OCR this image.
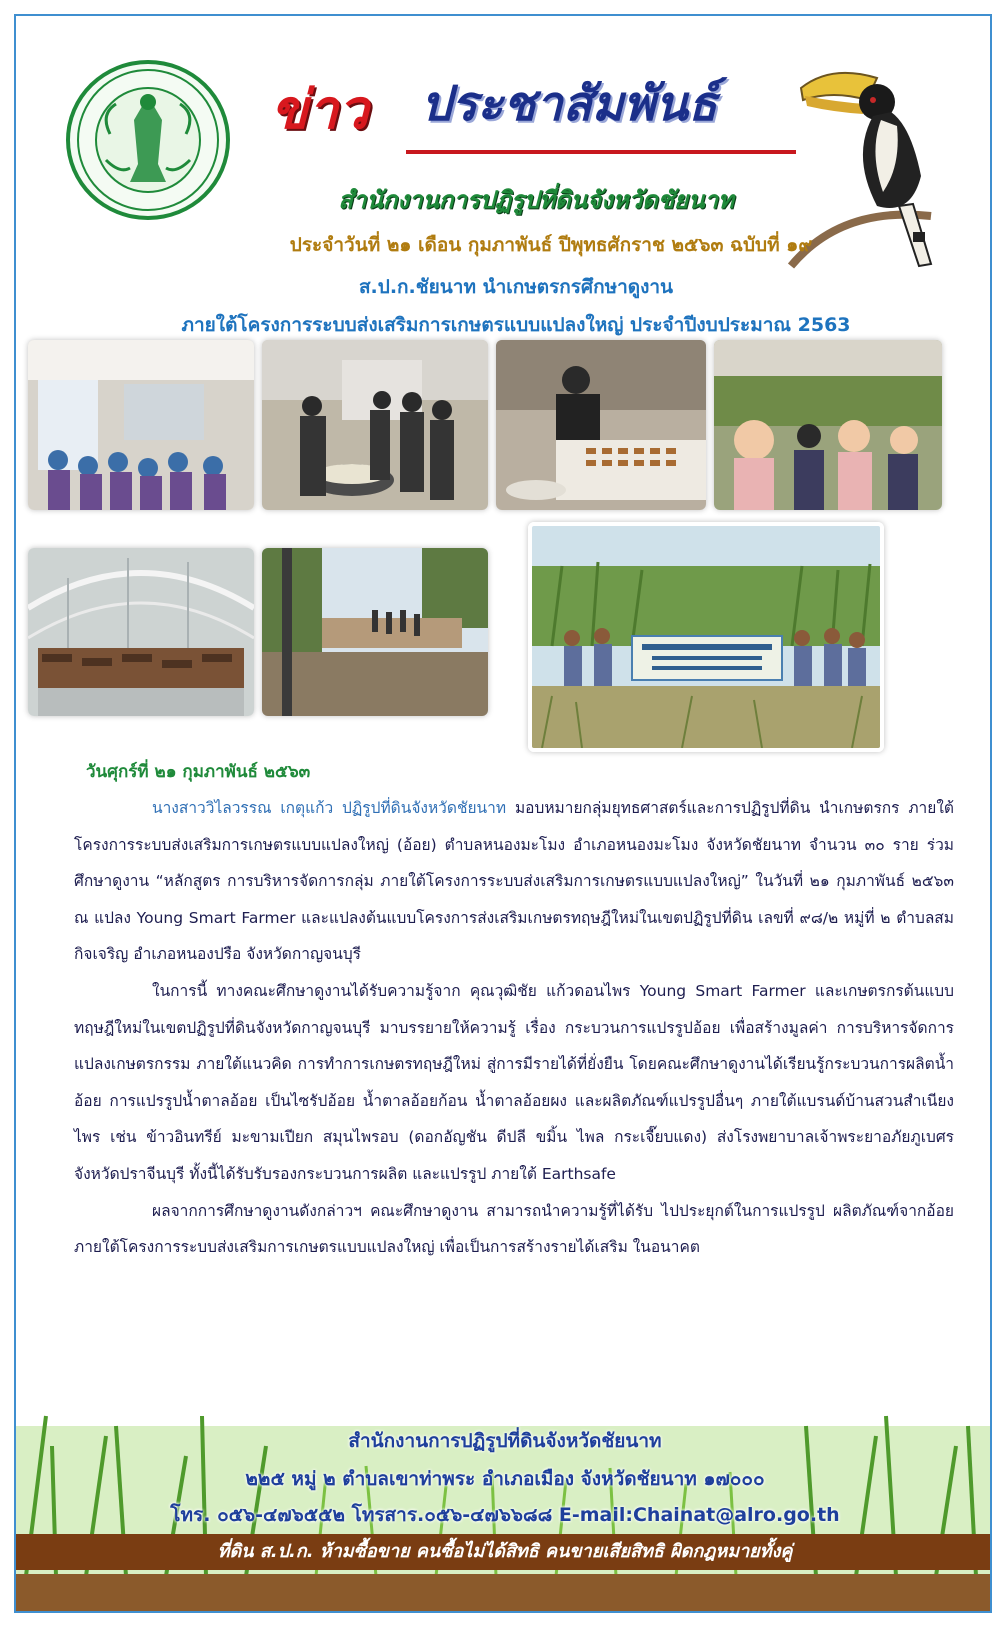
ข่าว ประชาสัมพันธ์
สำนักงานการปฏิรูปที่ดินจังหวัดชัยนาท
ประจำวันที่ ๒๑ เดือน กุมภาพันธ์ ปีพุทธศักราช ๒๕๖๓ ฉบับที่ ๑๙
ส.ป.ก.ชัยนาท นำเกษตรกรศึกษาดูงาน
ภายใต้โครงการระบบส่งเสริมการเกษตรแบบแปลงใหญ่ ประจำปีงบประมาณ 2563
วันศุกร์ที่ ๒๑ กุมภาพันธ์ ๒๕๖๓

นางสาววิไลวรรณ เกตุแก้ว ปฏิรูปที่ดินจังหวัดชัยนาท มอบหมายกลุ่มยุทธศาสตร์และการปฏิรูปที่ดิน นำเกษตรกร ภายใต้โครงการระบบส่งเสริมการเกษตรแบบแปลงใหญ่ (อ้อย) ตำบลหนองมะโมง อำเภอหนองมะโมง จังหวัดชัยนาท จำนวน ๓๐ ราย ร่วมศึกษาดูงาน “หลักสูตร การบริหารจัดการกลุ่ม ภายใต้โครงการระบบส่งเสริมการเกษตรแบบแปลงใหญ่” ในวันที่ ๒๑ กุมภาพันธ์ ๒๕๖๓ ณ แปลง Young Smart Farmer และแปลงต้นแบบโครงการส่งเสริมเกษตรทฤษฎีใหม่ในเขตปฏิรูปที่ดิน เลขที่ ๙๘/๒ หมู่ที่ ๒ ตำบลสมกิจเจริญ อำเภอหนองปรือ จังหวัดกาญจนบุรี

ในการนี้ ทางคณะศึกษาดูงานได้รับความรู้จาก คุณวุฒิชัย แก้วดอนไพร Young Smart Farmer และเกษตรกรต้นแบบทฤษฎีใหม่ในเขตปฏิรูปที่ดินจังหวัดกาญจนบุรี มาบรรยายให้ความรู้ เรื่อง กระบวนการแปรรูปอ้อย เพื่อสร้างมูลค่า การบริหารจัดการแปลงเกษตรกรรม ภายใต้แนวคิด การทำการเกษตรทฤษฎีใหม่ สู่การมีรายได้ที่ยั่งยืน โดยคณะศึกษาดูงานได้เรียนรู้กระบวนการผลิตน้ำอ้อย การแปรรูปน้ำตาลอ้อย เป็นไซรัปอ้อย น้ำตาลอ้อยก้อน น้ำตาลอ้อยผง และผลิตภัณฑ์แปรรูปอื่นๆ ภายใต้แบรนด์บ้านสวนสำเนียงไพร เช่น ข้าวอินทรีย์ มะขามเปียก สมุนไพรอบ (ดอกอัญชัน ดีปลี ขมิ้น ไพล กระเจี๊ยบแดง) ส่งโรงพยาบาลเจ้าพระยาอภัยภูเบศร จังหวัดปราจีนบุรี ทั้งนี้ได้รับรับรองกระบวนการผลิต และแปรรูป ภายใต้ Earthsafe

ผลจากการศึกษาดูงานดังกล่าวฯ คณะศึกษาดูงาน สามารถนำความรู้ที่ได้รับ ไปประยุกต์ในการแปรรูป ผลิตภัณฑ์จากอ้อย ภายใต้โครงการระบบส่งเสริมการเกษตรแบบแปลงใหญ่ เพื่อเป็นการสร้างรายได้เสริม ในอนาคต

สำนักงานการปฏิรูปที่ดินจังหวัดชัยนาท
๒๒๕ หมู่ ๒ ตำบลเขาท่าพระ อำเภอเมือง จังหวัดชัยนาท ๑๗๐๐๐
โทร. ๐๕๖-๔๗๖๕๕๒ โทรสาร.๐๕๖-๔๗๖๖๘๘ E-mail:Chainat@alro.go.th
ที่ดิน ส.ป.ก. ห้ามซื้อขาย คนซื้อไม่ได้สิทธิ คนขายเสียสิทธิ ผิดกฎหมายทั้งคู่
